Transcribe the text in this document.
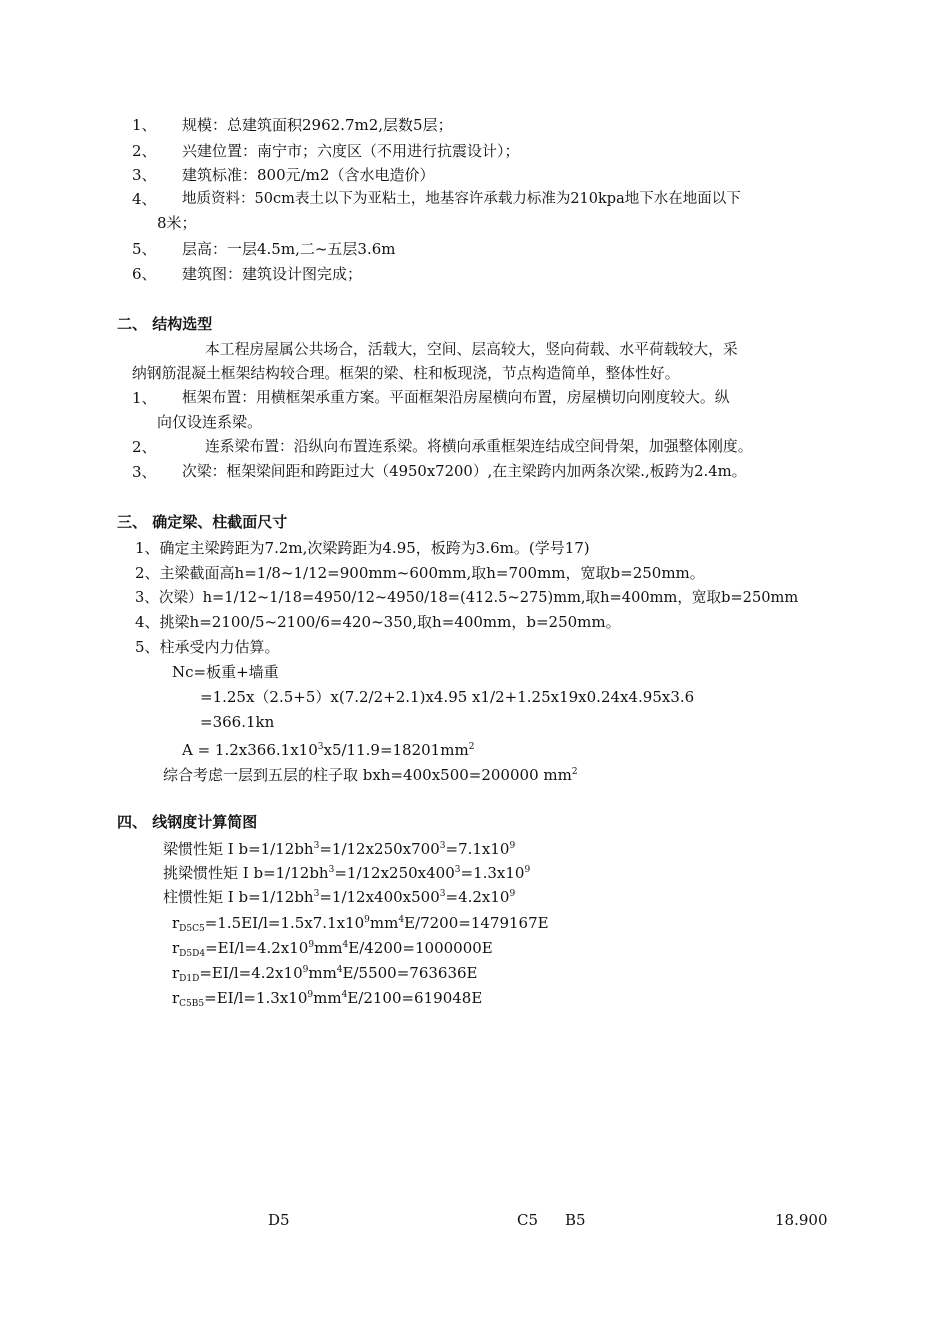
1、 规模：总建筑面积2962.7m2,层数5层；
2、 兴建位置：南宁市；六度区（不用进行抗震设计）；
3、 建筑标准：800元/m2（含水电造价）
4、 地质资料：50cm表土以下为亚粘土，地基容许承载力标准为210kpa地下水在地面以下
8米；
5、 层高：一层4.5m,二~五层3.6m
6、 建筑图：建筑设计图完成；
二、 结构选型
本工程房屋属公共场合，活载大，空间、层高较大，竖向荷载、水平荷载较大，采
纳钢筋混凝土框架结构较合理。框架的梁、柱和板现浇，节点构造简单，整体性好。
1、 框架布置：用横框架承重方案。平面框架沿房屋横向布置，房屋横切向刚度较大。纵
向仅设连系梁。
2、	连系梁布置：沿纵向布置连系梁。将横向承重框架连结成空间骨架，加强整体刚度。
3、 次梁：框架梁间距和跨距过大（4950x7200）,在主梁跨内加两条次梁.,板跨为2.4m。
三、 确定梁、柱截面尺寸
1、确定主梁跨距为7.2m,次梁跨距为4.95，板跨为3.6m。(学号17)
2、主梁截面高h=1/8~1/12=900mm~600mm,取h=700mm，宽取b=250mm。
3、次梁）h=1/12~1/18=4950/12~4950/18=(412.5~275)mm,取h=400mm，宽取b=250mm
4、挑梁h=2100/5~2100/6=420~350,取h=400mm，b=250mm。
5、柱承受内力估算。
Nc=板重+墙重
=1.25x（2.5+5）x(7.2/2+2.1)x4.95 x1/2+1.25x19x0.24x4.95x3.6
=366.1kn
$A = 1.2x366.1x10^3x5/11.9=18201mm^2$
综合考虑一层到五层的柱子取 bxh=400x500=200000 $mm^2$
四、 线钢度计算简图
梁惯性矩 I $b=1/12bh^3=1/12x250x700^3=7.1x10^9$
挑梁惯性矩 I $b=1/12bh^3=1/12x250x400^3=1.3x10^9$
柱惯性矩 I $b=1/12bh^3=1/12x400x500^3=4.2x10^9$
$r_{D5C5}=1.5EI/l=1.5x7.1x10^9mm^4E/7200=1479167E$
$r_{D5D4}=EI/l=4.2x10^9mm^4E/4200=1000000E$
$r_{D1D}=EI/l=4.2x10^9mm^4E/5500=763636E$
$r_{C5B5}=EI/l=1.3x10^9mm^4E/2100=619048E$
D5	C5 B5	18.900
